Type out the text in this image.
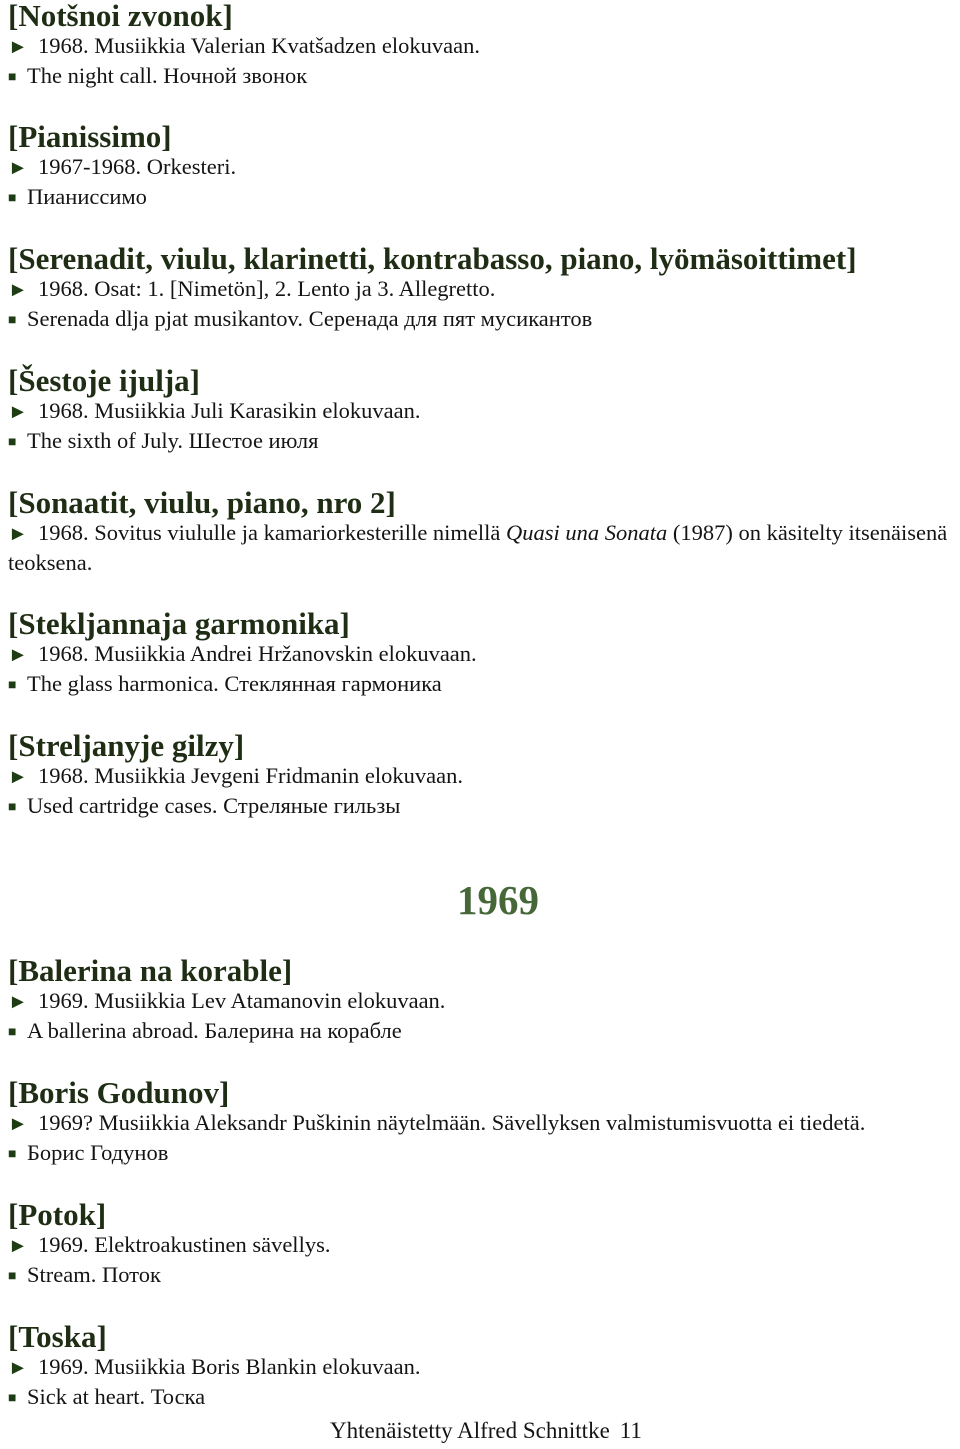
[Notšnoi zvonok]
► 1968. Musiikkia Valerian Kvatšadzen elokuvaan.
■ The night call. Ночной звонок
[Pianissimo]
► 1967-1968. Orkesteri.
■ Пианиссимо
[Serenadit, viulu, klarinetti, kontrabasso, piano, lyömäsoittimet]
► 1968. Osat: 1. [Nimetön], 2. Lento ja 3. Allegretto.
■ Serenada dlja pjat musikantov. Серенада для пят мусикантов
[Šestoje ijulja]
► 1968. Musiikkia Juli Karasikin elokuvaan.
■ The sixth of July. Шестое июля
[Sonaatit, viulu, piano, nro 2]
► 1968. Sovitus viululle ja kamariorkesterille nimellä Quasi una Sonata (1987) on käsitelty itsenäisenä teoksena.
[Stekljannaja garmonika]
► 1968. Musiikkia Andrei Hržanovskin elokuvaan.
■ The glass harmonica. Стеклянная гармоника
[Streljanyje gilzy]
► 1968. Musiikkia Jevgeni Fridmanin elokuvaan.
■ Used cartridge cases. Стреляные гильзы
1969
[Balerina na korable]
► 1969. Musiikkia Lev Atamanovin elokuvaan.
■ A ballerina abroad. Балерина на корабле
[Boris Godunov]
► 1969? Musiikkia Aleksandr Puškinin näytelmään. Sävellyksen valmistumisvuotta ei tiedetä.
■ Борис Годунов
[Potok]
► 1969. Elektroakustinen sävellys.
■ Stream. Поток
[Toska]
► 1969. Musiikkia Boris Blankin elokuvaan.
■ Sick at heart. Тоска
Yhtenäistetty Alfred Schnittke 11
